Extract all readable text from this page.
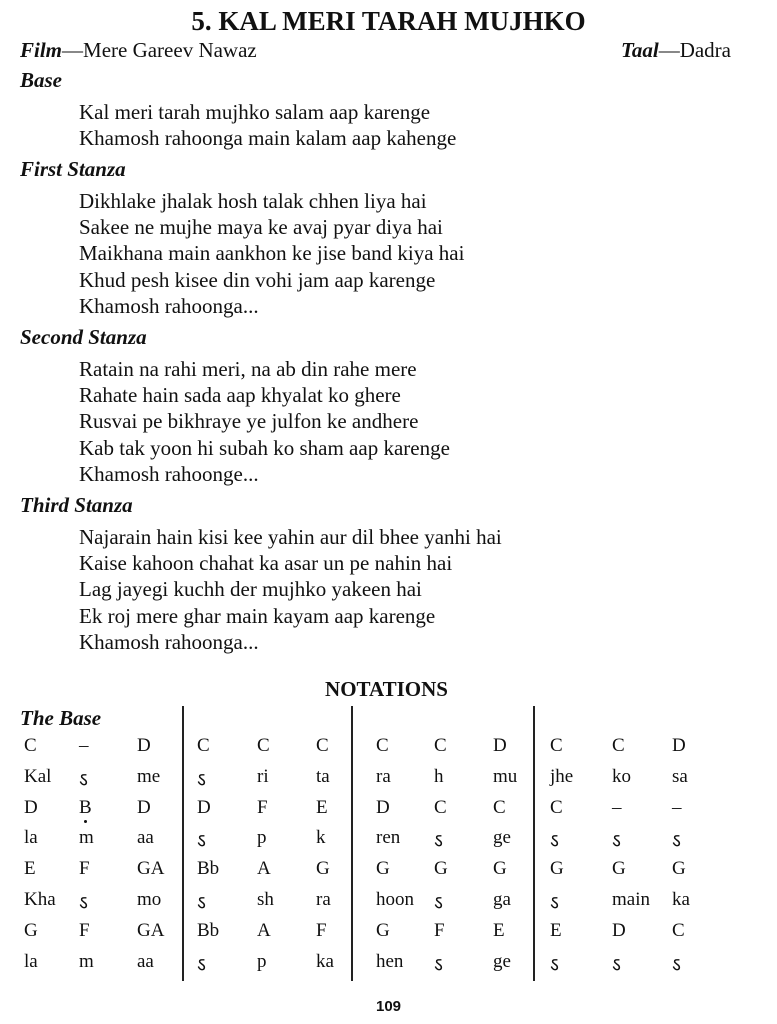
5. KAL MERI TARAH MUJHKO
Film—Mere Gareev Nawaz	Taal—Dadra
Base
Kal meri tarah mujhko salam aap karenge
Khamosh rahoonga main kalam aap kahenge
First Stanza
Dikhlake jhalak hosh talak chhen liya hai
Sakee ne mujhe maya ke avaj pyar diya hai
Maikhana main aankhon ke jise band kiya hai
Khud pesh kisee din vohi jam aap karenge
Khamosh rahoonga...
Second Stanza
Ratain na rahi meri, na ab din rahe mere
Rahate hain sada aap khyalat ko ghere
Rusvai pe bikhraye ye julfon ke andhere
Kab tak yoon hi subah ko sham aap karenge
Khamosh rahoonge...
Third Stanza
Najarain hain kisi kee yahin aur dil bhee yanhi hai
Kaise kahoon chahat ka asar un pe nahin hai
Lag jayegi kuchh der mujhko yakeen hai
Ek roj mere ghar main kayam aap karenge
Khamosh rahoonga...
NOTATIONS
The Base
C –	D C C C C C D C	C D
Kal ऽ	me ऽ	ri ta ra h	mu jhe ko sa
D B D D F	E	D C C C	–	–
la m aa ऽ	p	k	ren ऽ	ge ऽ	ऽ	ऽ
E F GA Bb A G G G G G	G G
Kha ऽ	mo ऽ	sh ra hoon ऽ	ga ऽ	main ka
G F GA Bb A F	G F	E E	D C
la m aa ऽ	p	ka hen ऽ	ge ऽ	ऽ	ऽ
109
